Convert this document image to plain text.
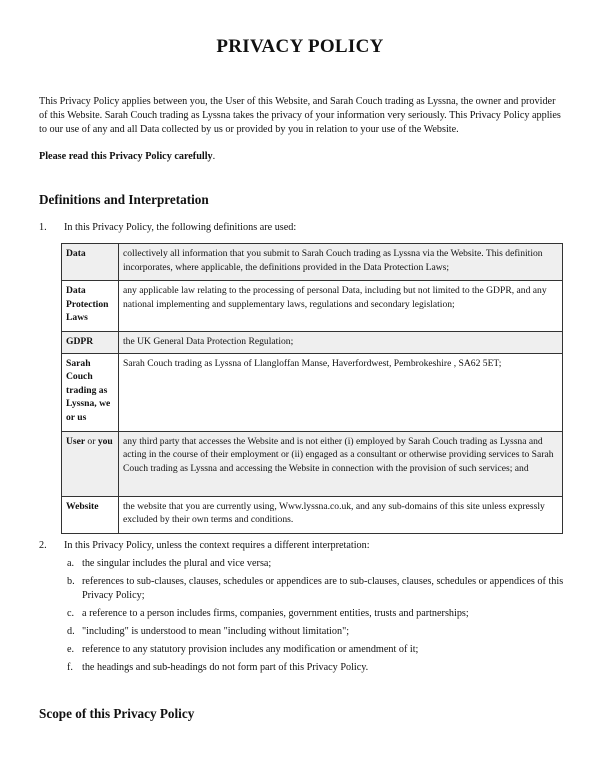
PRIVACY POLICY
This Privacy Policy applies between you, the User of this Website, and Sarah Couch trading as Lyssna, the owner and provider of this Website. Sarah Couch trading as Lyssna takes the privacy of your information very seriously. This Privacy Policy applies to our use of any and all Data collected by us or provided by you in relation to your use of the Website.
Please read this Privacy Policy carefully.
Definitions and Interpretation
1. In this Privacy Policy, the following definitions are used:
Data	collectively all information that you submit to Sarah Couch trading as Lyssna via the Website. This definition incorporates, where applicable, the definitions provided in the Data Protection Laws;
Data Protection Laws	any applicable law relating to the processing of personal Data, including but not limited to the GDPR, and any national implementing and supplementary laws, regulations and secondary legislation;
GDPR	the UK General Data Protection Regulation;
Sarah Couch trading as Lyssna, we or us	Sarah Couch trading as Lyssna of Llangloffan Manse, Haverfordwest, Pembrokeshire , SA62 5ET;
User or you	any third party that accesses the Website and is not either (i) employed by Sarah Couch trading as Lyssna and acting in the course of their employment or (ii) engaged as a consultant or otherwise providing services to Sarah Couch trading as Lyssna and accessing the Website in connection with the provision of such services; and
Website	the website that you are currently using, Www.lyssna.co.uk, and any sub-domains of this site unless expressly excluded by their own terms and conditions.
2. In this Privacy Policy, unless the context requires a different interpretation:
a. the singular includes the plural and vice versa;
b. references to sub-clauses, clauses, schedules or appendices are to sub-clauses, clauses, schedules or appendices of this Privacy Policy;
c. a reference to a person includes firms, companies, government entities, trusts and partnerships;
d. "including" is understood to mean "including without limitation";
e. reference to any statutory provision includes any modification or amendment of it;
f. the headings and sub-headings do not form part of this Privacy Policy.
Scope of this Privacy Policy
